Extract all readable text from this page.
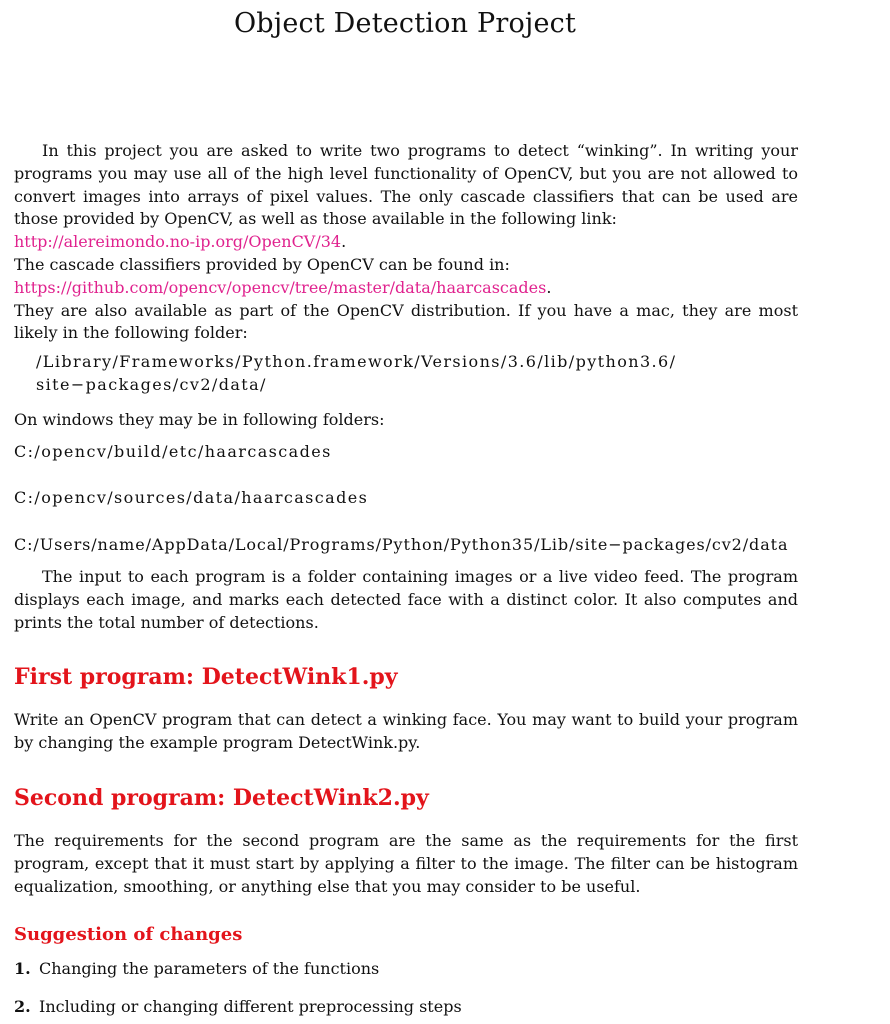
Object Detection Project

In this project you are asked to write two programs to detect “winking”. In writing your programs you may use all of the high level functionality of OpenCV, but you are not allowed to convert images into arrays of pixel values. The only cascade classifiers that can be used are those provided by OpenCV, as well as those available in the following link:
http://alereimondo.no-ip.org/OpenCV/34.
The cascade classifiers provided by OpenCV can be found in:
https://github.com/opencv/opencv/tree/master/data/haarcascades.
They are also available as part of the OpenCV distribution. If you have a mac, they are most likely in the following folder:

/Library/Frameworks/Python.framework/Versions/3.6/lib/python3.6/
site−packages/cv2/data/
On windows they may be in following folders:
C:/opencv/build/etc/haarcascades
C:/opencv/sources/data/haarcascades
C:/Users/name/AppData/Local/Programs/Python/Python35/Lib/site−packages/cv2/data

The input to each program is a folder containing images or a live video feed. The program displays each image, and marks each detected face with a distinct color. It also computes and prints the total number of detections.

First program: DetectWink1.py

Write an OpenCV program that can detect a winking face. You may want to build your program by changing the example program DetectWink.py.

Second program: DetectWink2.py

The requirements for the second program are the same as the requirements for the first program, except that it must start by applying a filter to the image. The filter can be histogram equalization, smoothing, or anything else that you may consider to be useful.

Suggestion of changes
1. Changing the parameters of the functions
2. Including or changing different preprocessing steps
